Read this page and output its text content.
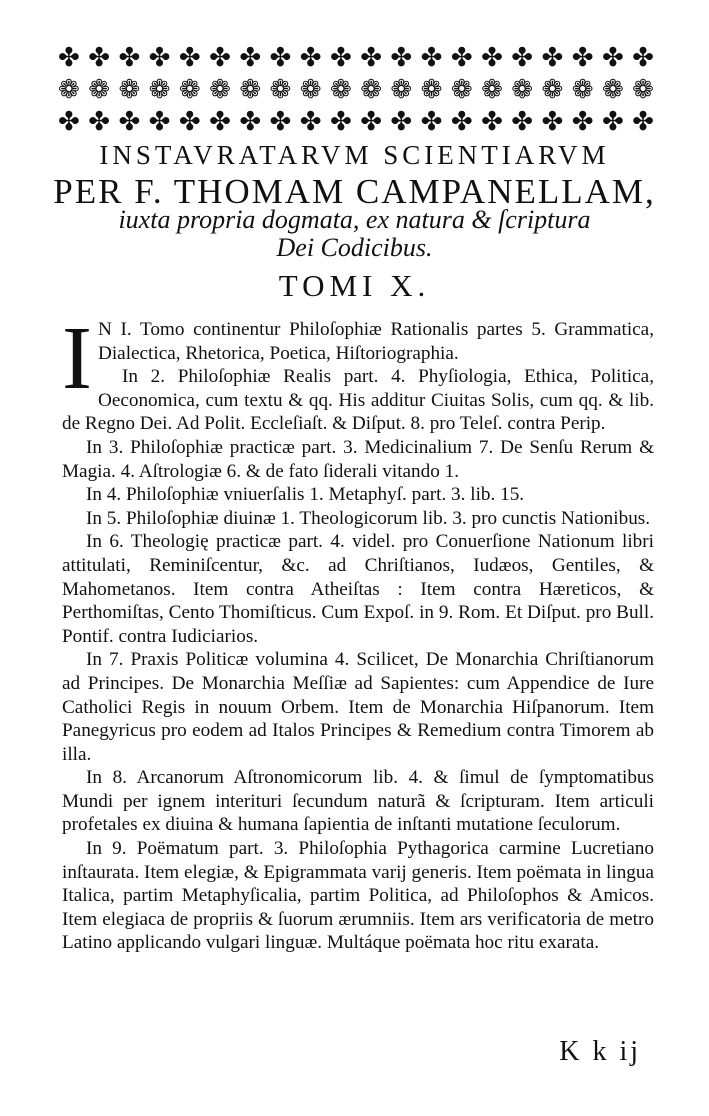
✤ ✤ ✤ ✤ ✤ ✤ ✤ ✤ ✤ ✤ ✤ ✤ ✤ ✤ ✤ ✤ ✤ ✤ ✤ ✤
❁ ❁ ❁ ❁ ❁ ❁ ❁ ❁ ❁ ❁ ❁ ❁ ❁ ❁ ❁ ❁ ❁ ❁ ❁ ❁
✤ ✤ ✤ ✤ ✤ ✤ ✤ ✤ ✤ ✤ ✤ ✤ ✤ ✤ ✤ ✤ ✤ ✤ ✤ ✤
INSTAVRATARVM SCIENTIARVM
PER F. THOMAM CAMPANELLAM,
iuxta propria dogmata, ex natura & ſcriptura
Dei Codicibus.
TOMI X.

I N I. Tomo continentur Philoſophiæ Rationalis partes 5. Grammatica, Dialectica, Rhetorica, Poetica, Hiſtoriographia.

In 2. Philoſophiæ Realis part. 4. Phyſiologia, Ethica, Politica, Oeconomica, cum textu & qq. His additur Ciuitas Solis, cum qq. & lib. de Regno Dei. Ad Polit. Eccleſiaſt. & Diſput. 8. pro Teleſ. contra Perip.

In 3. Philoſophiæ practicæ part. 3. Medicinalium 7. De Senſu Rerum & Magia. 4. Aſtrologiæ 6. & de fato ſiderali vitando 1.

In 4. Philoſophiæ vniuerſalis 1. Metaphyſ. part. 3. lib. 15.

In 5. Philoſophiæ diuinæ 1. Theologicorum lib. 3. pro cunctis Nationibus.

In 6. Theologię practicæ part. 4. videl. pro Conuerſione Nationum libri attitulati, Reminiſcentur, &c. ad Chriſtianos, Iudæos, Gentiles, & Mahometanos. Item contra Atheiſtas : Item contra Hæreticos, & Perthomiſtas, Cento Thomiſticus. Cum Expoſ. in 9. Rom. Et Diſput. pro Bull. Pontif. contra Iudiciarios.

In 7. Praxis Politicæ volumina 4. Scilicet, De Monarchia Chriſtianorum ad Principes. De Monarchia Meſſiæ ad Sapientes: cum Appendice de Iure Catholici Regis in nouum Orbem. Item de Monarchia Hiſpanorum. Item Panegyricus pro eodem ad Italos Principes & Remedium contra Timorem ab illa.

In 8. Arcanorum Aſtronomicorum lib. 4. & ſimul de ſymptomatibus Mundi per ignem interituri ſecundum naturã & ſcripturam. Item articuli profetales ex diuina & humana ſapientia de inſtanti mutatione ſeculorum.

In 9. Poëmatum part. 3. Philoſophia Pythagorica carmine Lucretiano inſtaurata. Item elegiæ, & Epigrammata varij generis. Item poëmata in lingua Italica, partim Metaphyſicalia, partim Politica, ad Philoſophos & Amicos. Item elegiaca de propriis & ſuorum ærumniis. Item ars verificatoria de metro Latino applicando vulgari linguæ. Multáque poëmata hoc ritu exarata.

K k ij
